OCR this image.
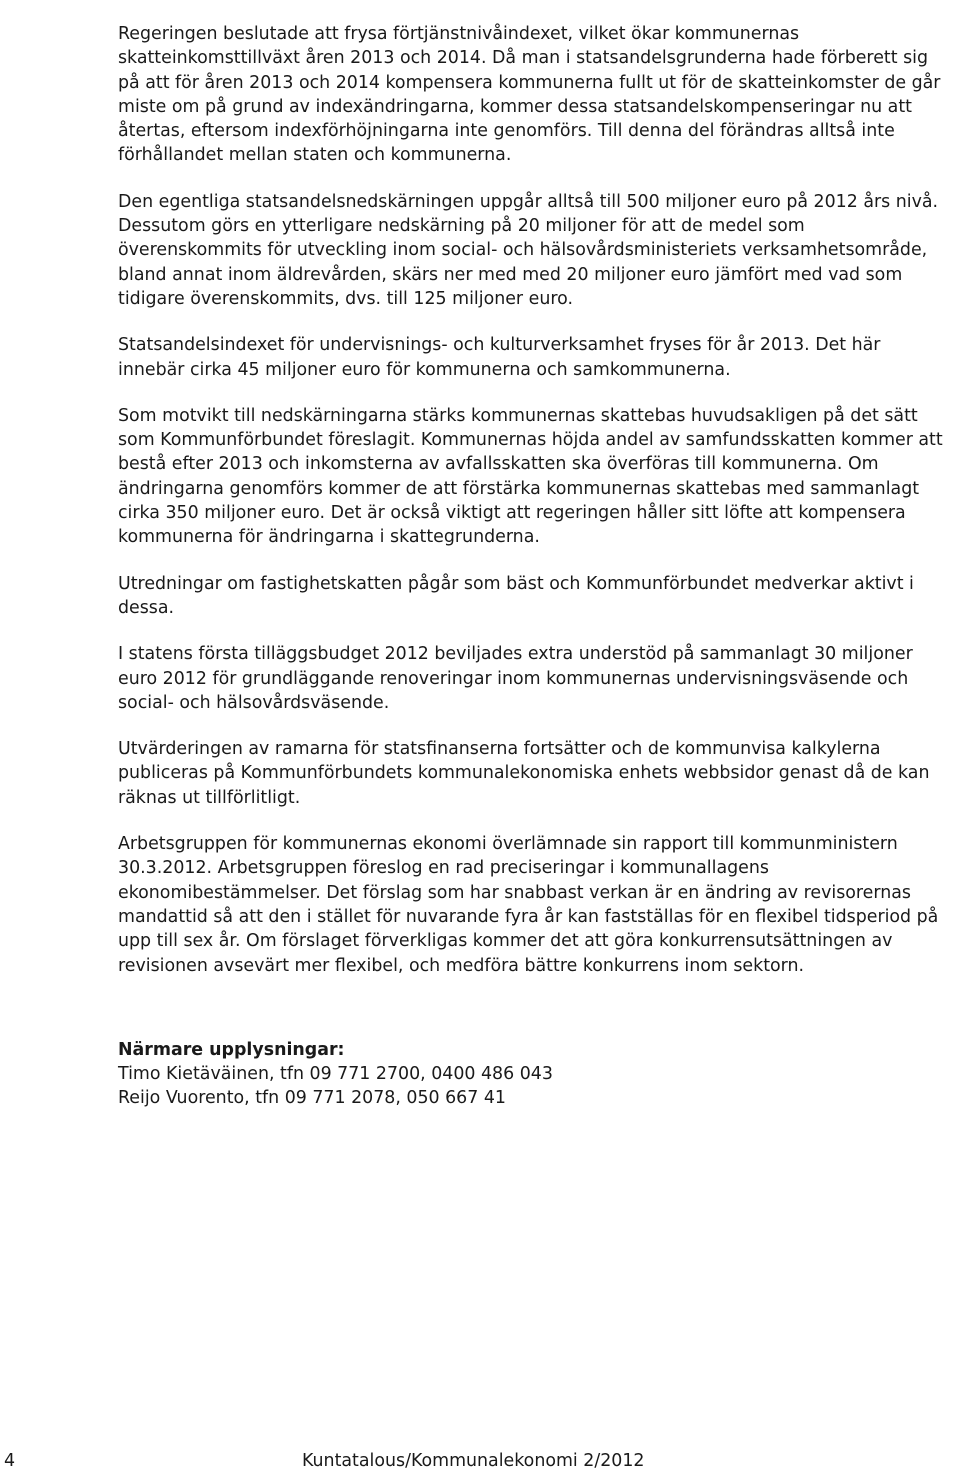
Regeringen beslutade att frysa förtjänstnivåindexet, vilket ökar kommunernas skatteinkomsttillväxt åren 2013 och 2014. Då man i statsandelsgrunderna hade förberett sig på att för åren 2013 och 2014 kompensera kommunerna fullt ut för de skatteinkomster de går miste om på grund av indexändringarna, kommer dessa statsandelskompenseringar nu att återtas, eftersom indexförhöjningarna inte genomförs. Till denna del förändras alltså inte förhållandet mellan staten och kommunerna.

Den egentliga statsandelsnedskärningen uppgår alltså till 500 miljoner euro på 2012 års nivå. Dessutom görs en ytterligare nedskärning på 20 miljoner för att de medel som överenskommits för utveckling inom social- och hälsovårdsministeriets verksamhetsområde, bland annat inom äldrevården, skärs ner med med 20 miljoner euro jämfört med vad som tidigare överenskommits, dvs. till 125 miljoner euro.

Statsandelsindexet för undervisnings- och kulturverksamhet fryses för år 2013. Det här innebär cirka 45 miljoner euro för kommunerna och samkommunerna.

Som motvikt till nedskärningarna stärks kommunernas skattebas huvudsakligen på det sätt som Kommunförbundet föreslagit. Kommunernas höjda andel av samfundsskatten kommer att bestå efter 2013 och inkomsterna av avfallsskatten ska överföras till kommunerna. Om ändringarna genomförs kommer de att förstärka kommunernas skattebas med sammanlagt cirka 350 miljoner euro. Det är också viktigt att regeringen håller sitt löfte att kompensera kommunerna för ändringarna i skattegrunderna.

Utredningar om fastighetskatten pågår som bäst och Kommunförbundet medverkar aktivt i dessa.

I statens första tilläggsbudget 2012 beviljades extra understöd på sammanlagt 30 miljoner euro 2012 för grundläggande renoveringar inom kommunernas undervisningsväsende och social- och hälsovårdsväsende.

Utvärderingen av ramarna för statsfinanserna fortsätter och de kommunvisa kalkylerna publiceras på Kommunförbundets kommunalekonomiska enhets webbsidor genast då de kan räknas ut tillförlitligt.

Arbetsgruppen för kommunernas ekonomi överlämnade sin rapport till kommunministern 30.3.2012. Arbetsgruppen föreslog en rad preciseringar i kommunallagens ekonomibestämmelser. Det förslag som har snabbast verkan är en ändring av revisorernas mandattid så att den i stället för nuvarande fyra år kan fastställas för en flexibel tidsperiod på upp till sex år. Om förslaget förverkligas kommer det att göra konkurrensutsättningen av revisionen avsevärt mer flexibel, och medföra bättre konkurrens inom sektorn.

Närmare upplysningar:

Timo Kietäväinen, tfn 09 771 2700, 0400 486 043

Reijo Vuorento, tfn 09 771 2078, 050 667 41

4	Kuntatalous/Kommunalekonomi 2/2012
